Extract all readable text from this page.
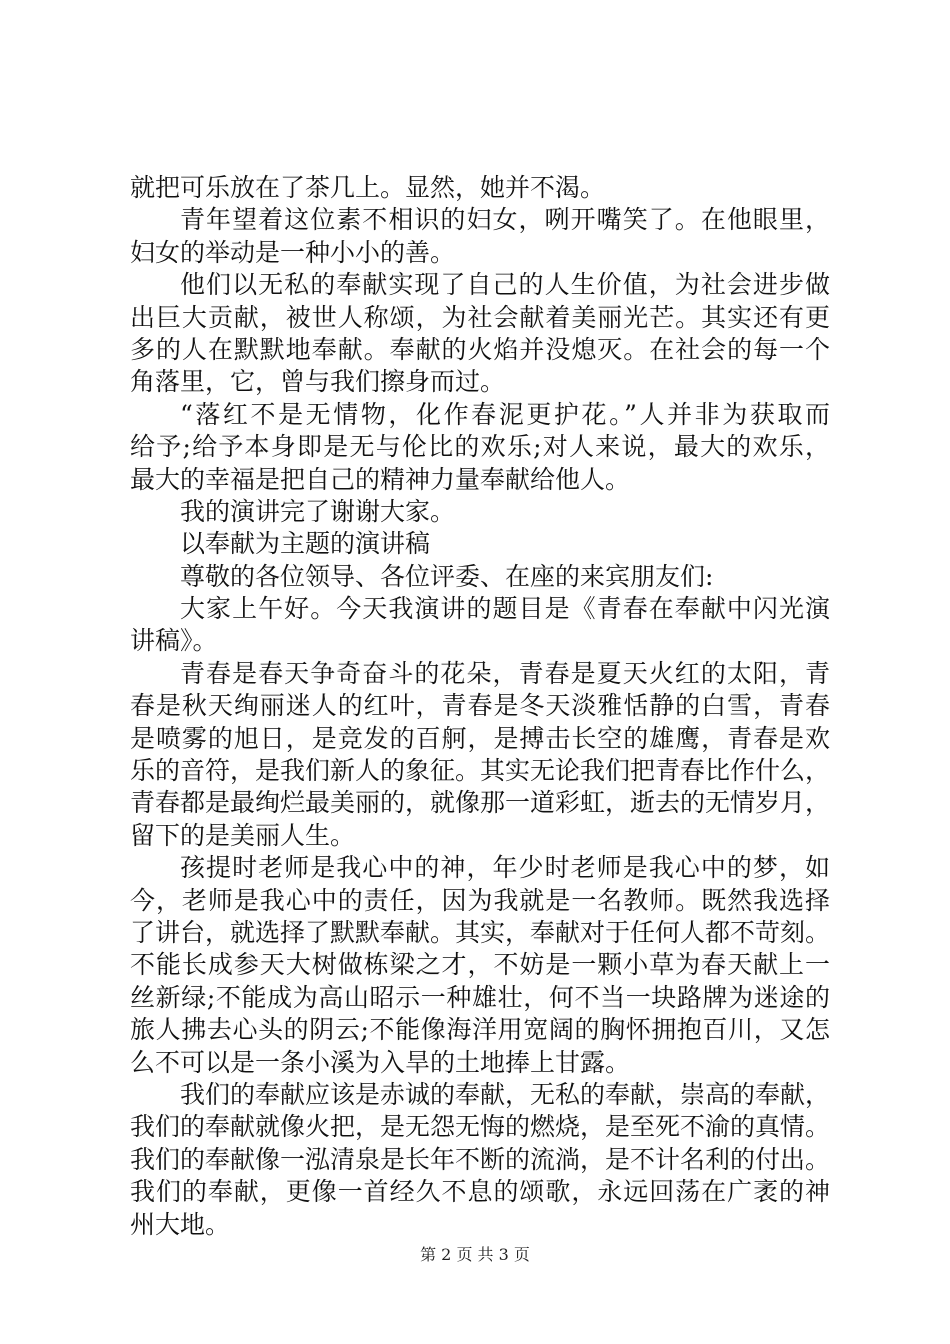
就把可乐放在了茶几上。显然，她并不渴。
青年望着这位素不相识的妇女，咧开嘴笑了。在他眼里，
妇女的举动是一种小小的善。
他们以无私的奉献实现了自己的人生价值，为社会进步做
出巨大贡献，被世人称颂，为社会献着美丽光芒。其实还有更
多的人在默默地奉献。奉献的火焰并没熄灭。在社会的每一个
角落里，它，曾与我们擦身而过。
“落红不是无情物，化作春泥更护花。”人并非为获取而
给予;给予本身即是无与伦比的欢乐;对人来说，最大的欢乐，
最大的幸福是把自己的精神力量奉献给他人。
我的演讲完了谢谢大家。
以奉献为主题的演讲稿
尊敬的各位领导、各位评委、在座的来宾朋友们:
大家上午好。今天我演讲的题目是《青春在奉献中闪光演
讲稿》。
青春是春天争奇奋斗的花朵，青春是夏天火红的太阳，青
春是秋天绚丽迷人的红叶，青春是冬天淡雅恬静的白雪，青春
是喷雾的旭日，是竞发的百舸，是搏击长空的雄鹰，青春是欢
乐的音符，是我们新人的象征。其实无论我们把青春比作什么，
青春都是最绚烂最美丽的，就像那一道彩虹，逝去的无情岁月，
留下的是美丽人生。
孩提时老师是我心中的神，年少时老师是我心中的梦，如
今，老师是我心中的责任，因为我就是一名教师。既然我选择
了讲台，就选择了默默奉献。其实，奉献对于任何人都不苛刻。
不能长成参天大树做栋梁之才，不妨是一颗小草为春天献上一
丝新绿;不能成为高山昭示一种雄壮，何不当一块路牌为迷途的
旅人拂去心头的阴云;不能像海洋用宽阔的胸怀拥抱百川，又怎
么不可以是一条小溪为入旱的土地捧上甘露。
我们的奉献应该是赤诚的奉献，无私的奉献，崇高的奉献，
我们的奉献就像火把，是无怨无悔的燃烧，是至死不渝的真情。
我们的奉献像一泓清泉是长年不断的流淌，是不计名利的付出。
我们的奉献，更像一首经久不息的颂歌，永远回荡在广袤的神
州大地。
第 2 页 共 3 页
